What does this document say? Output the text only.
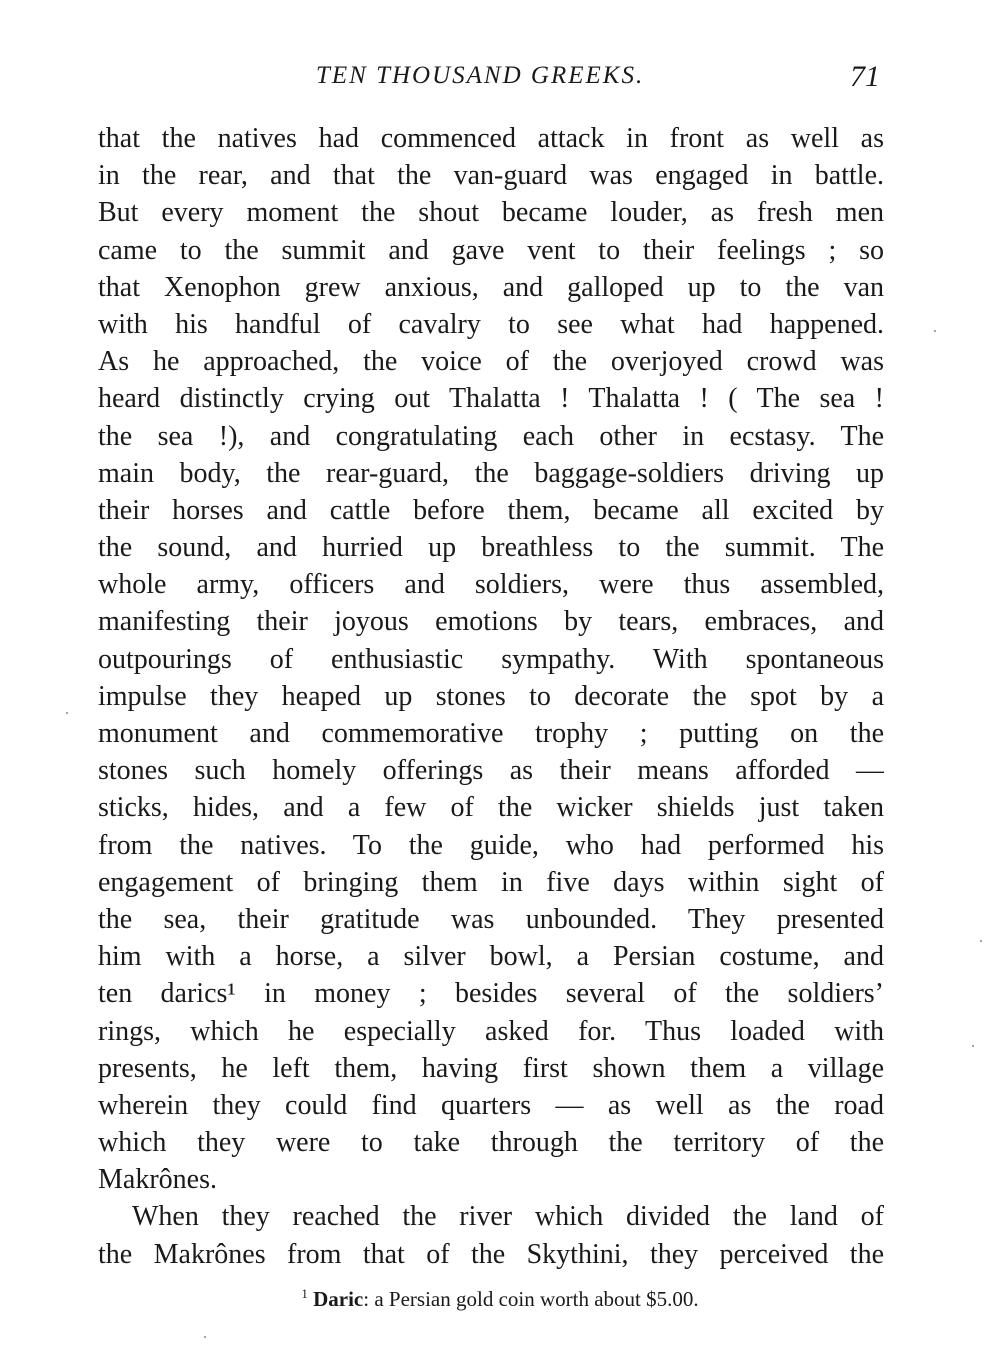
TEN THOUSAND GREEKS.	71
that the natives had commenced attack in front as well as
in the rear, and that the van-guard was engaged in battle.
But every moment the shout became louder, as fresh men
came to the summit and gave vent to their feelings ; so
that Xenophon grew anxious, and galloped up to the van
with his handful of cavalry to see what had happened.
As he approached, the voice of the overjoyed crowd was
heard distinctly crying out Thalatta ! Thalatta ! ( The sea !
the sea !), and congratulating each other in ecstasy. The
main body, the rear-guard, the baggage-soldiers driving up
their horses and cattle before them, became all excited by
the sound, and hurried up breathless to the summit. The
whole army, officers and soldiers, were thus assembled,
manifesting their joyous emotions by tears, embraces, and
outpourings of enthusiastic sympathy. With spontaneous
impulse they heaped up stones to decorate the spot by a
monument and commemorative trophy ; putting on the
stones such homely offerings as their means afforded —
sticks, hides, and a few of the wicker shields just taken
from the natives. To the guide, who had performed his
engagement of bringing them in five days within sight of
the sea, their gratitude was unbounded. They presented
him with a horse, a silver bowl, a Persian costume, and
ten darics¹ in money ; besides several of the soldiers’
rings, which he especially asked for. Thus loaded with
presents, he left them, having first shown them a village
wherein they could find quarters — as well as the road
which they were to take through the territory of the
Makrônes.
When they reached the river which divided the land of
the Makrônes from that of the Skythini, they perceived the
$^1$ Daric: a Persian gold coin worth about $5.00.
